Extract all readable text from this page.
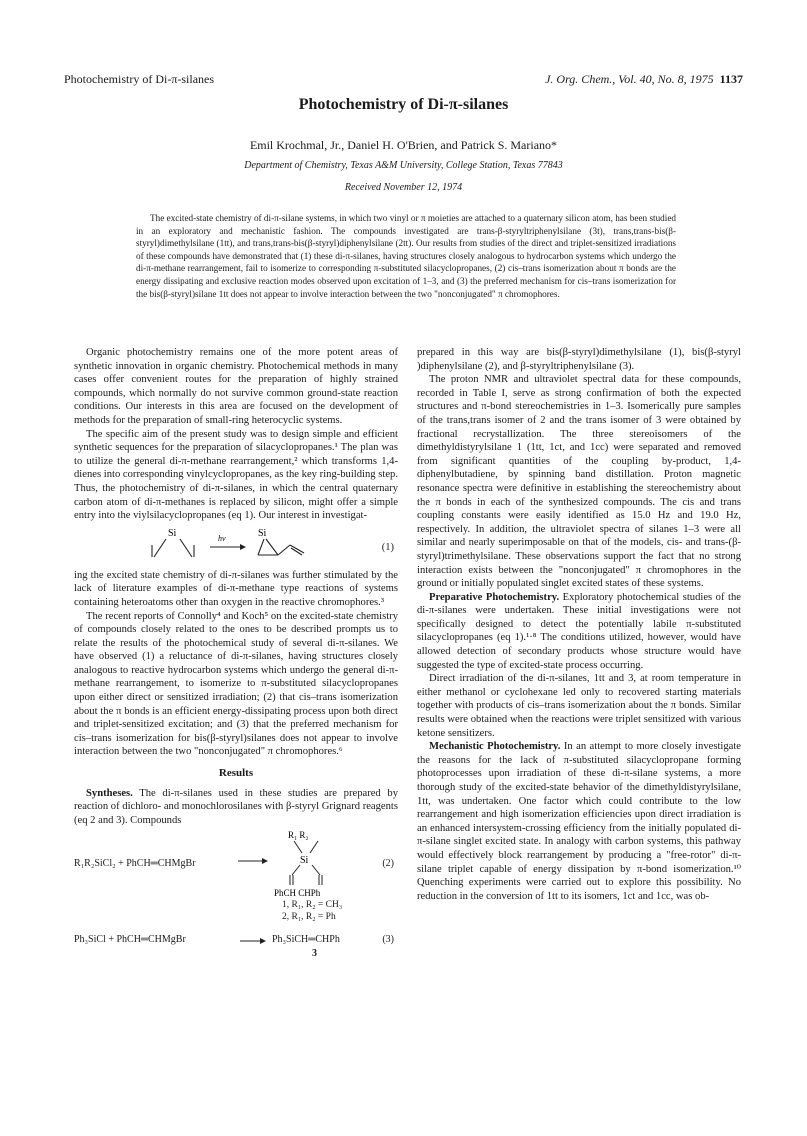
Photochemistry of Di-π-silanes	J. Org. Chem., Vol. 40, No. 8, 1975 1137
Photochemistry of Di-π-silanes
Emil Krochmal, Jr., Daniel H. O'Brien, and Patrick S. Mariano*
Department of Chemistry, Texas A&M University, College Station, Texas 77843
Received November 12, 1974

The excited-state chemistry of di-π-silane systems, in which two vinyl or π moieties are attached to a quaternary silicon atom, has been studied in an exploratory and mechanistic fashion. The compounds investigated are trans-β-styryltriphenylsilane (3t), trans,trans-bis(β-styryl)dimethylsilane (1tt), and trans,trans-bis(β-styryl)diphenylsilane (2tt). Our results from studies of the direct and triplet-sensitized irradiations of these compounds have demonstrated that (1) these di-π-silanes, having structures closely analogous to hydrocarbon systems which undergo the di-π-methane rearrangement, fail to isomerize to corresponding π-substituted silacyclopropanes, (2) cis–trans isomerization about π bonds are the energy dissipating and exclusive reaction modes observed upon excitation of 1–3, and (3) the preferred mechanism for cis–trans isomerization for the bis(β-styryl)silane 1tt does not appear to involve interaction between the two "nonconjugated" π chromophores.

Organic photochemistry remains one of the more potent areas of synthetic innovation in organic chemistry. Photochemical methods in many cases offer convenient routes for the preparation of highly strained compounds, which normally do not survive common ground-state reaction conditions. Our interests in this area are focused on the development of methods for the preparation of small-ring heterocyclic systems.

The specific aim of the present study was to design simple and efficient synthetic sequences for the preparation of silacyclopropanes.¹ The plan was to utilize the general di-π-methane rearrangement,² which transforms 1,4-dienes into corresponding vinylcyclopropanes, as the key ring-building step. Thus, the photochemistry of di-π-silanes, in which the central quaternary carbon atom of di-π-methanes is replaced by silicon, might offer a simple entry into the viylsilacyclopropanes (eq 1). Our interest in investigat-

Si	hν	Si
(1)

ing the excited state chemistry of di-π-silanes was further stimulated by the lack of literature examples of di-π-methane type reactions of systems containing heteroatoms other than oxygen in the reactive chromophores.³

The recent reports of Connolly⁴ and Koch⁵ on the excited-state chemistry of compounds closely related to the ones to be described prompts us to relate the results of the photochemical study of several di-π-silanes. We have observed (1) a reluctance of di-π-silanes, having structures closely analogous to reactive hydrocarbon systems which undergo the general di-π-methane rearrangement, to isomerize to π-substituted silacyclopropanes upon either direct or sensitized irradiation; (2) that cis–trans isomerization about the π bonds is an efficient energy-dissipating process upon both direct and triplet-sensitized excitation; and (3) that the preferred mechanism for cis–trans isomerization for bis(β-styryl)silanes does not appear to involve interaction between the two "nonconjugated" π chromophores.⁶

Results

Syntheses. The di-π-silanes used in these studies are prepared by reaction of dichloro- and monochlorosilanes with β-styryl Grignard reagents (eq 2 and 3). Compounds

R₁R₂SiCl₂ + PhCH═CHMgBr
R₁ R₂
Si
PhCH CHPh
(2)
1, R₁, R₂ = CH₃
2, R₁, R₂ = Ph
Ph₃SiCl + PhCH═CHMgBr	→ Ph₃SiCH═CHPh
3
(3)

prepared in this way are bis(β-styryl)dimethylsilane (1), bis(β-styryl )diphenylsilane (2), and β-styryltriphenylsilane (3).

The proton NMR and ultraviolet spectral data for these compounds, recorded in Table I, serve as strong confirmation of both the expected structures and π-bond stereochemistries in 1–3. Isomerically pure samples of the trans,trans isomer of 2 and the trans isomer of 3 were obtained by fractional recrystallization. The three stereoisomers of the dimethyldistyrylsilane 1 (1tt, 1ct, and 1cc) were separated and removed from significant quantities of the coupling by-product, 1,4-diphenylbutadiene, by spinning band distillation. Proton magnetic resonance spectra were definitive in establishing the stereochemistry about the π bonds in each of the synthesized compounds. The cis and trans coupling constants were easily identified as 15.0 Hz and 19.0 Hz, respectively. In addition, the ultraviolet spectra of silanes 1–3 were all similar and nearly superimposable on that of the models, cis- and trans-(β-styryl)trimethylsilane. These observations support the fact that no strong interaction exists between the "nonconjugated" π chromophores in the ground or initially populated singlet excited states of these systems.

Preparative Photochemistry. Exploratory photochemical studies of the di-π-silanes were undertaken. These initial investigations were not specifically designed to detect the potentially labile π-substituted silacyclopropanes (eq 1).¹·⁸ The conditions utilized, however, would have allowed detection of secondary products whose structure would have suggested the type of excited-state process occurring.

Direct irradiation of the di-π-silanes, 1tt and 3, at room temperature in either methanol or cyclohexane led only to recovered starting materials together with products of cis–trans isomerization about the π bonds. Similar results were obtained when the reactions were triplet sensitized with various ketone sensitizers.

Mechanistic Photochemistry. In an attempt to more closely investigate the reasons for the lack of π-substituted silacyclopropane forming photoprocesses upon irradiation of these di-π-silane systems, a more thorough study of the excited-state behavior of the dimethyldistyrylsilane, 1tt, was undertaken. One factor which could contribute to the low rearrangement and high isomerization efficiencies upon direct irradiation is an enhanced intersystem-crossing efficiency from the initially populated di-π-silane singlet excited state. In analogy with carbon systems, this pathway would effectively block rearrangement by producing a "free-rotor" di-π-silane triplet capable of energy dissipation by π-bond isomerization.¹⁰ Quenching experiments were carried out to explore this possibility. No reduction in the conversion of 1tt to its isomers, 1ct and 1cc, was ob-
